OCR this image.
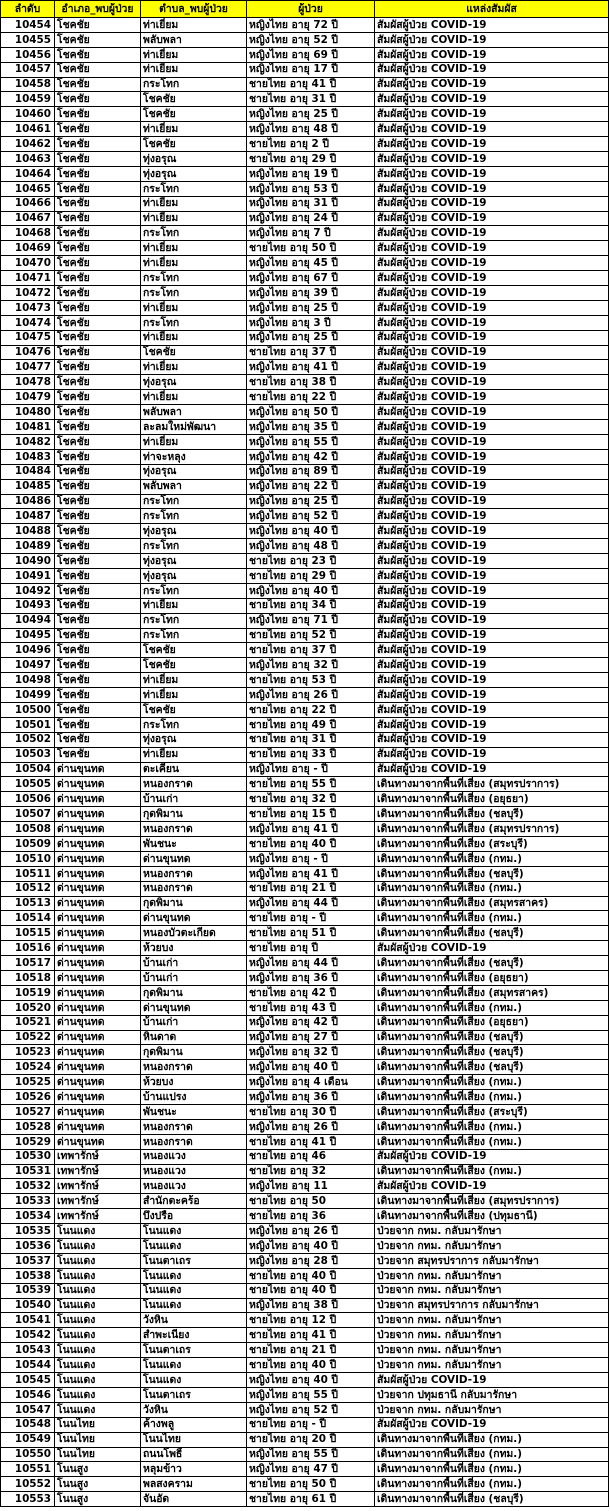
ลำดับ	อำเภอ_พบผู้ป่วย	ตำบล_พบผู้ป่วย	ผู้ป่วย	แหล่งสัมผัส
10454	โชคชัย	ท่าเยี่ยม	หญิงไทย อายุ 72 ปี	สัมผัสผู้ป่วย COVID-19
10455	โชคชัย	พลับพลา	หญิงไทย อายุ 52 ปี	สัมผัสผู้ป่วย COVID-19
10456	โชคชัย	ท่าเยี่ยม	หญิงไทย อายุ 69 ปี	สัมผัสผู้ป่วย COVID-19
10457	โชคชัย	ท่าเยี่ยม	หญิงไทย อายุ 17 ปี	สัมผัสผู้ป่วย COVID-19
10458	โชคชัย	กระโทก	ชายไทย อายุ 41 ปี	สัมผัสผู้ป่วย COVID-19
10459	โชคชัย	โชคชัย	ชายไทย อายุ 31 ปี	สัมผัสผู้ป่วย COVID-19
10460	โชคชัย	โชคชัย	หญิงไทย อายุ 25 ปี	สัมผัสผู้ป่วย COVID-19
10461	โชคชัย	ท่าเยี่ยม	หญิงไทย อายุ 48 ปี	สัมผัสผู้ป่วย COVID-19
10462	โชคชัย	โชคชัย	ชายไทย อายุ 2 ปี	สัมผัสผู้ป่วย COVID-19
10463	โชคชัย	ทุ่งอรุณ	ชายไทย อายุ 29 ปี	สัมผัสผู้ป่วย COVID-19
10464	โชคชัย	ทุ่งอรุณ	หญิงไทย อายุ 19 ปี	สัมผัสผู้ป่วย COVID-19
10465	โชคชัย	กระโทก	หญิงไทย อายุ 53 ปี	สัมผัสผู้ป่วย COVID-19
10466	โชคชัย	ท่าเยี่ยม	หญิงไทย อายุ 31 ปี	สัมผัสผู้ป่วย COVID-19
10467	โชคชัย	ท่าเยี่ยม	หญิงไทย อายุ 24 ปี	สัมผัสผู้ป่วย COVID-19
10468	โชคชัย	กระโทก	หญิงไทย อายุ 7 ปี	สัมผัสผู้ป่วย COVID-19
10469	โชคชัย	ท่าเยี่ยม	ชายไทย อายุ 50 ปี	สัมผัสผู้ป่วย COVID-19
10470	โชคชัย	ท่าเยี่ยม	หญิงไทย อายุ 45 ปี	สัมผัสผู้ป่วย COVID-19
10471	โชคชัย	กระโทก	หญิงไทย อายุ 67 ปี	สัมผัสผู้ป่วย COVID-19
10472	โชคชัย	กระโทก	หญิงไทย อายุ 39 ปี	สัมผัสผู้ป่วย COVID-19
10473	โชคชัย	ท่าเยี่ยม	หญิงไทย อายุ 25 ปี	สัมผัสผู้ป่วย COVID-19
10474	โชคชัย	กระโทก	หญิงไทย อายุ 3 ปี	สัมผัสผู้ป่วย COVID-19
10475	โชคชัย	ท่าเยี่ยม	หญิงไทย อายุ 25 ปี	สัมผัสผู้ป่วย COVID-19
10476	โชคชัย	โชคชัย	ชายไทย อายุ 37 ปี	สัมผัสผู้ป่วย COVID-19
10477	โชคชัย	ท่าเยี่ยม	หญิงไทย อายุ 41 ปี	สัมผัสผู้ป่วย COVID-19
10478	โชคชัย	ทุ่งอรุณ	ชายไทย อายุ 38 ปี	สัมผัสผู้ป่วย COVID-19
10479	โชคชัย	ท่าเยี่ยม	ชายไทย อายุ 22 ปี	สัมผัสผู้ป่วย COVID-19
10480	โชคชัย	พลับพลา	หญิงไทย อายุ 50 ปี	สัมผัสผู้ป่วย COVID-19
10481	โชคชัย	ละลมใหม่พัฒนา	หญิงไทย อายุ 35 ปี	สัมผัสผู้ป่วย COVID-19
10482	โชคชัย	ท่าเยี่ยม	หญิงไทย อายุ 55 ปี	สัมผัสผู้ป่วย COVID-19
10483	โชคชัย	ท่าจะหลุง	หญิงไทย อายุ 42 ปี	สัมผัสผู้ป่วย COVID-19
10484	โชคชัย	ทุ่งอรุณ	หญิงไทย อายุ 89 ปี	สัมผัสผู้ป่วย COVID-19
10485	โชคชัย	พลับพลา	หญิงไทย อายุ 22 ปี	สัมผัสผู้ป่วย COVID-19
10486	โชคชัย	กระโทก	หญิงไทย อายุ 25 ปี	สัมผัสผู้ป่วย COVID-19
10487	โชคชัย	กระโทก	หญิงไทย อายุ 52 ปี	สัมผัสผู้ป่วย COVID-19
10488	โชคชัย	ทุ่งอรุณ	หญิงไทย อายุ 40 ปี	สัมผัสผู้ป่วย COVID-19
10489	โชคชัย	กระโทก	หญิงไทย อายุ 48 ปี	สัมผัสผู้ป่วย COVID-19
10490	โชคชัย	ทุ่งอรุณ	ชายไทย อายุ 23 ปี	สัมผัสผู้ป่วย COVID-19
10491	โชคชัย	ทุ่งอรุณ	ชายไทย อายุ 29 ปี	สัมผัสผู้ป่วย COVID-19
10492	โชคชัย	กระโทก	หญิงไทย อายุ 40 ปี	สัมผัสผู้ป่วย COVID-19
10493	โชคชัย	ท่าเยี่ยม	ชายไทย อายุ 34 ปี	สัมผัสผู้ป่วย COVID-19
10494	โชคชัย	กระโทก	หญิงไทย อายุ 71 ปี	สัมผัสผู้ป่วย COVID-19
10495	โชคชัย	กระโทก	ชายไทย อายุ 52 ปี	สัมผัสผู้ป่วย COVID-19
10496	โชคชัย	โชคชัย	ชายไทย อายุ 37 ปี	สัมผัสผู้ป่วย COVID-19
10497	โชคชัย	โชคชัย	หญิงไทย อายุ 32 ปี	สัมผัสผู้ป่วย COVID-19
10498	โชคชัย	ท่าเยี่ยม	ชายไทย อายุ 53 ปี	สัมผัสผู้ป่วย COVID-19
10499	โชคชัย	ท่าเยี่ยม	หญิงไทย อายุ 26 ปี	สัมผัสผู้ป่วย COVID-19
10500	โชคชัย	โชคชัย	ชายไทย อายุ 22 ปี	สัมผัสผู้ป่วย COVID-19
10501	โชคชัย	กระโทก	ชายไทย อายุ 49 ปี	สัมผัสผู้ป่วย COVID-19
10502	โชคชัย	ทุ่งอรุณ	ชายไทย อายุ 31 ปี	สัมผัสผู้ป่วย COVID-19
10503	โชคชัย	ท่าเยี่ยม	ชายไทย อายุ 33 ปี	สัมผัสผู้ป่วย COVID-19
10504	ด่านขุนทด	ตะเคียน	หญิงไทย อายุ - ปี	สัมผัสผู้ป่วย COVID-19
10505	ด่านขุนทด	หนองกราด	ชายไทย อายุ 55 ปี	เดินทางมาจากพื้นที่เสี่ยง (สมุทรปราการ)
10506	ด่านขุนทด	บ้านเก่า	ชายไทย อายุ 32 ปี	เดินทางมาจากพื้นที่เสี่ยง (อยุธยา)
10507	ด่านขุนทด	กุดพิมาน	ชายไทย อายุ 15 ปี	เดินทางมาจากพื้นที่เสี่ยง (ชลบุรี)
10508	ด่านขุนทด	หนองกราด	หญิงไทย อายุ 41 ปี	เดินทางมาจากพื้นที่เสี่ยง (สมุทรปราการ)
10509	ด่านขุนทด	พันชนะ	ชายไทย อายุ 40 ปี	เดินทางมาจากพื้นที่เสี่ยง (สระบุรี)
10510	ด่านขุนทด	ด่านขุนทด	หญิงไทย อายุ - ปี	เดินทางมาจากพื้นที่เสี่ยง (กทม.)
10511	ด่านขุนทด	หนองกราด	หญิงไทย อายุ 41 ปี	เดินทางมาจากพื้นที่เสี่ยง (ชลบุรี)
10512	ด่านขุนทด	หนองกราด	ชายไทย อายุ 21 ปี	เดินทางมาจากพื้นที่เสี่ยง (กทม.)
10513	ด่านขุนทด	กุดพิมาน	หญิงไทย อายุ 44 ปี	เดินทางมาจากพื้นที่เสี่ยง (สมุทรสาคร)
10514	ด่านขุนทด	ด่านขุนทด	ชายไทย อายุ - ปี	เดินทางมาจากพื้นที่เสี่ยง (กทม.)
10515	ด่านขุนทด	หนองบัวตะเกียด	ชายไทย อายุ 51 ปี	เดินทางมาจากพื้นที่เสี่ยง (ชลบุรี)
10516	ด่านขุนทด	ห้วยบง	ชายไทย อายุ ปี	สัมผัสผู้ป่วย COVID-19
10517	ด่านขุนทด	บ้านเก่า	หญิงไทย อายุ 44 ปี	เดินทางมาจากพื้นที่เสี่ยง (ชลบุรี)
10518	ด่านขุนทด	บ้านเก่า	หญิงไทย อายุ 36 ปี	เดินทางมาจากพื้นที่เสี่ยง (อยุธยา)
10519	ด่านขุนทด	กุดพิมาน	ชายไทย อายุ 42 ปี	เดินทางมาจากพื้นที่เสี่ยง (สมุทรสาคร)
10520	ด่านขุนทด	ด่านขุนทด	ชายไทย อายุ 43 ปี	เดินทางมาจากพื้นที่เสี่ยง (กทม.)
10521	ด่านขุนทด	บ้านเก่า	หญิงไทย อายุ 42 ปี	เดินทางมาจากพื้นที่เสี่ยง (อยุธยา)
10522	ด่านขุนทด	หินดาด	หญิงไทย อายุ 27 ปี	เดินทางมาจากพื้นที่เสี่ยง (ชลบุรี)
10523	ด่านขุนทด	กุดพิมาน	หญิงไทย อายุ 32 ปี	เดินทางมาจากพื้นที่เสี่ยง (ชลบุรี)
10524	ด่านขุนทด	หนองกราด	หญิงไทย อายุ 40 ปี	เดินทางมาจากพื้นที่เสี่ยง (ชลบุรี)
10525	ด่านขุนทด	ห้วยบง	หญิงไทย อายุ 4 เดือน	เดินทางมาจากพื้นที่เสี่ยง (กทม.)
10526	ด่านขุนทด	บ้านแปรง	หญิงไทย อายุ 36 ปี	เดินทางมาจากพื้นที่เสี่ยง (กทม.)
10527	ด่านขุนทด	พันชนะ	ชายไทย อายุ 30 ปี	เดินทางมาจากพื้นที่เสี่ยง (สระบุรี)
10528	ด่านขุนทด	หนองกราด	หญิงไทย อายุ 26 ปี	เดินทางมาจากพื้นที่เสี่ยง (กทม.)
10529	ด่านขุนทด	หนองกราด	ชายไทย อายุ 41 ปี	เดินทางมาจากพื้นที่เสี่ยง (กทม.)
10530	เทพารักษ์	หนองแวง	ชายไทย อายุ 46	สัมผัสผู้ป่วย COVID-19
10531	เทพารักษ์	หนองแวง	ชายไทย อายุ 32	เดินทางมาจากพื้นที่เสี่ยง (กทม.)
10532	เทพารักษ์	หนองแวง	หญิงไทย อายุ 11	สัมผัสผู้ป่วย COVID-19
10533	เทพารักษ์	สำนักตะคร้อ	ชายไทย อายุ 50	เดินทางมาจากพื้นที่เสี่ยง (สมุทรปราการ)
10534	เทพารักษ์	บึงปรือ	ชายไทย อายุ 36	เดินทางมาจากพื้นที่เสี่ยง (ปทุมธานี)
10535	โนนแดง	โนนแดง	หญิงไทย อายุ 26 ปี	ป่วยจาก กทม. กลับมารักษา
10536	โนนแดง	โนนแดง	หญิงไทย อายุ 40 ปี	ป่วยจาก กทม. กลับมารักษา
10537	โนนแดง	โนนตาเถร	หญิงไทย อายุ 28 ปี	ป่วยจาก สมุทรปราการ กลับมารักษา
10538	โนนแดง	โนนแดง	ชายไทย อายุ 40 ปี	ป่วยจาก กทม. กลับมารักษา
10539	โนนแดง	โนนแดง	ชายไทย อายุ 40 ปี	ป่วยจาก กทม. กลับมารักษา
10540	โนนแดง	โนนแดง	หญิงไทย อายุ 38 ปี	ป่วยจาก สมุทรปราการ กลับมารักษา
10541	โนนแดง	วังหิน	ชายไทย อายุ 12 ปี	ป่วยจาก กทม. กลับมารักษา
10542	โนนแดง	สำพะเนียง	ชายไทย อายุ 41 ปี	ป่วยจาก กทม. กลับมารักษา
10543	โนนแดง	โนนตาเถร	ชายไทย อายุ 21 ปี	ป่วยจาก กทม. กลับมารักษา
10544	โนนแดง	โนนแดง	ชายไทย อายุ 40 ปี	ป่วยจาก กทม. กลับมารักษา
10545	โนนแดง	โนนแดง	หญิงไทย อายุ 40 ปี	สัมผัสผู้ป่วย COVID-19
10546	โนนแดง	โนนตาเถร	หญิงไทย อายุ 55 ปี	ป่วยจาก ปทุมธานี กลับมารักษา
10547	โนนแดง	วังหิน	หญิงไทย อายุ 52 ปี	ป่วยจาก กทม. กลับมารักษา
10548	โนนไทย	ค้างพลู	ชายไทย อายุ - ปี	สัมผัสผู้ป่วย COVID-19
10549	โนนไทย	โนนไทย	ชายไทย อายุ 20 ปี	เดินทางมาจากพื้นที่เสี่ยง (กทม.)
10550	โนนไทย	ถนนโพธิ์	หญิงไทย อายุ 55 ปี	เดินทางมาจากพื้นที่เสี่ยง (กทม.)
10551	โนนสูง	หลุมข้าว	หญิงไทย อายุ 47 ปี	เดินทางมาจากพื้นที่เสี่ยง (กทม.)
10552	โนนสูง	พลสงคราม	ชายไทย อายุ 50 ปี	เดินทางมาจากพื้นที่เสี่ยง (กทม.)
10553	โนนสูง	จันอัด	ชายไทย อายุ 61 ปี	เดินทางมาจากพื้นที่เสี่ยง (ชลบุรี)
